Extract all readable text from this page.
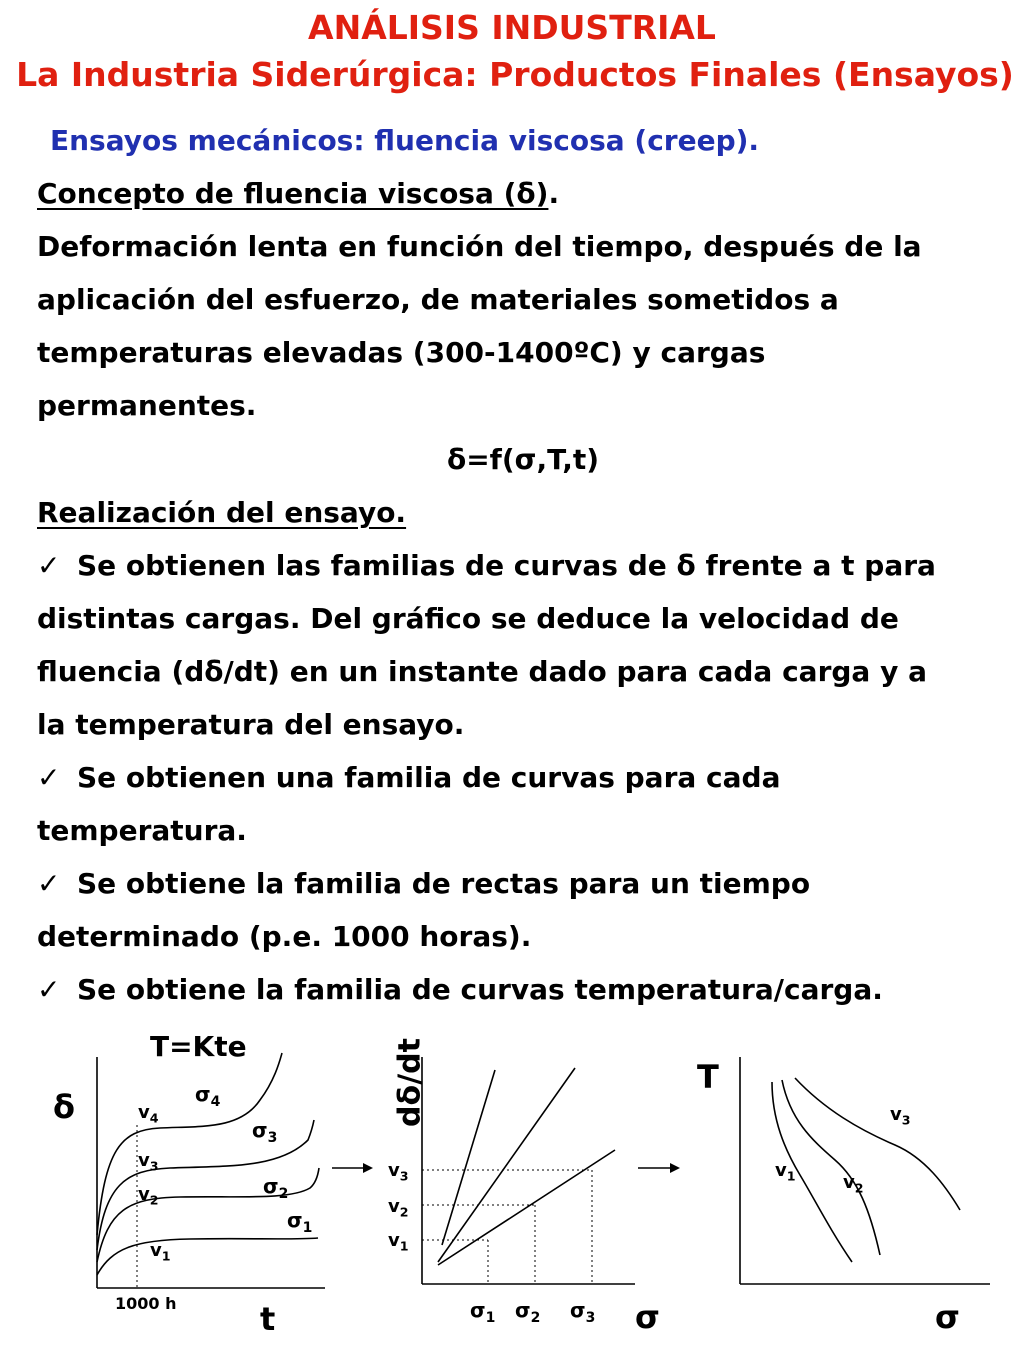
ANÁLISIS INDUSTRIAL
La Industria Siderúrgica: Productos Finales (Ensayos)
Ensayos mecánicos: fluencia viscosa (creep).
Concepto de fluencia viscosa (δ).
Deformación lenta en función del tiempo, después de la
aplicación del esfuerzo, de materiales sometidos a
temperaturas elevadas (300-1400ºC) y cargas
permanentes.
δ=f(σ,T,t)
Realización del ensayo.
✓ Se obtienen las familias de curvas de δ frente a t para
distintas cargas. Del gráfico se deduce la velocidad de
fluencia (dδ/dt) en un instante dado para cada carga y a
la temperatura del ensayo.
✓ Se obtienen una familia de curvas para cada
temperatura.
✓ Se obtiene la familia de rectas para un tiempo
determinado (p.e. 1000 horas).
✓ Se obtiene la familia de curvas temperatura/carga.
T=Kte
δ
t
1000 h
$\sigma_4$
$\sigma_3$
$\sigma_2$
$\sigma_1$
$v_4$
$v_3$
$v_2$
$v_1$
dδ/dt
σ
$v_3$
$v_2$
$v_1$
$\sigma_1$ $\sigma_2$ $\sigma_3$
T
σ
$v_1$	$v_2$
$v_3$
